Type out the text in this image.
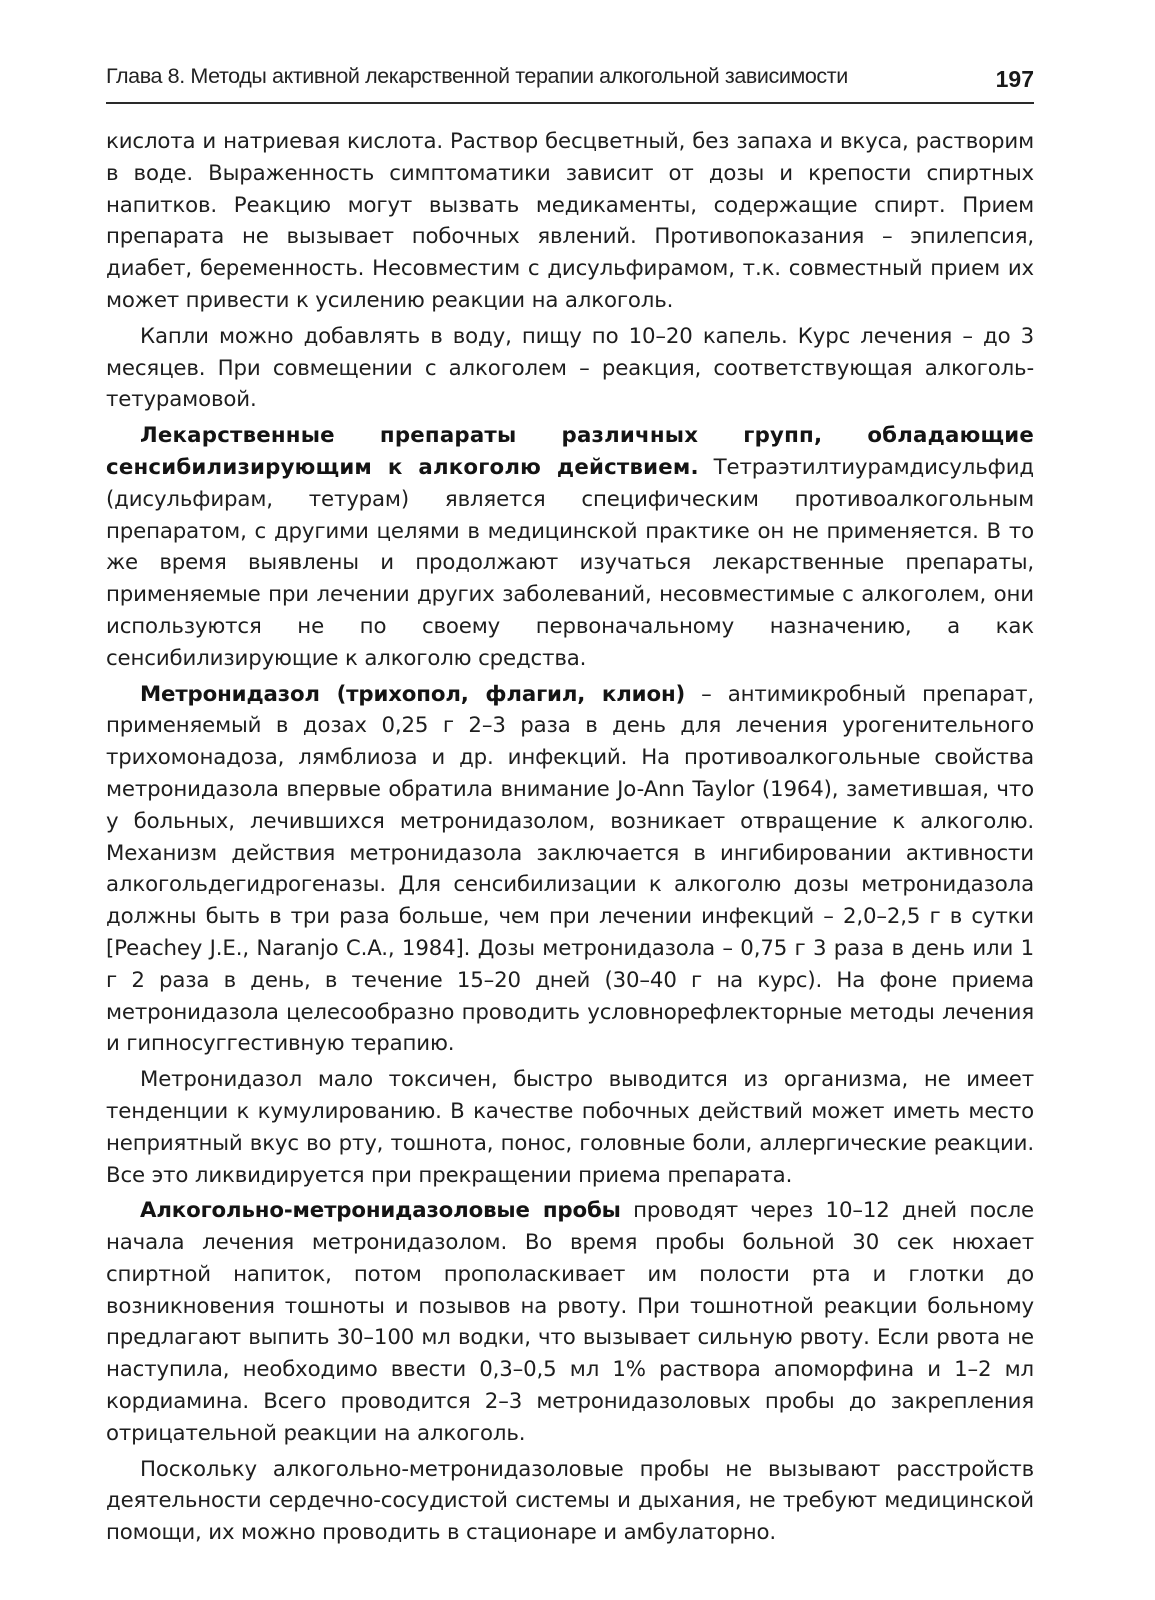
Глава 8. Методы активной лекарственной терапии алкогольной зависимости	197

кислота и натриевая кислота. Раствор бесцветный, без запаха и вкуса, растворим в воде. Выраженность симптоматики зависит от дозы и крепости спиртных напитков. Реакцию могут вызвать медикаменты, содержащие спирт. Прием препарата не вызывает побочных явлений. Противопоказания – эпилепсия, диабет, беременность. Несовместим с дисульфирамом, т.к. совместный прием их может привести к усилению реакции на алкоголь.

Капли можно добавлять в воду, пищу по 10–20 капель. Курс лечения – до 3 месяцев. При совмещении с алкоголем – реакция, соответствующая алкоголь-тетурамовой.

Лекарственные препараты различных групп, обладающие сенсибилизирующим к алкоголю действием. Тетраэтилтиурамдисульфид (дисульфирам, тетурам) является специфическим противоалкогольным препаратом, с другими целями в медицинской практике он не применяется. В то же время выявлены и продолжают изучаться лекарственные препараты, применяемые при лечении других заболеваний, несовместимые с алкоголем, они используются не по своему первоначальному назначению, а как сенсибилизирующие к алкоголю средства.

Метронидазол (трихопол, флагил, клион) – антимикробный препарат, применяемый в дозах 0,25 г 2–3 раза в день для лечения урогенительного трихомонадоза, лямблиоза и др. инфекций. На противоалкогольные свойства метронидазола впервые обратила внимание Jo-Ann Taylor (1964), заметившая, что у больных, лечившихся метронидазолом, возникает отвращение к алкоголю. Механизм действия метронидазола заключается в ингибировании активности алкогольдегидрогеназы. Для сенсибилизации к алкоголю дозы метронидазола должны быть в три раза больше, чем при лечении инфекций – 2,0–2,5 г в сутки [Peachey J.E., Naranjo C.A., 1984]. Дозы метронидазола – 0,75 г 3 раза в день или 1 г 2 раза в день, в течение 15–20 дней (30–40 г на курс). На фоне приема метронидазола целесообразно проводить условнорефлекторные методы лечения и гипносуггестивную терапию.

Метронидазол мало токсичен, быстро выводится из организма, не имеет тенденции к кумулированию. В качестве побочных действий может иметь место неприятный вкус во рту, тошнота, понос, головные боли, аллергические реакции. Все это ликвидируется при прекращении приема препарата.

Алкогольно-метронидазоловые пробы проводят через 10–12 дней после начала лечения метронидазолом. Во время пробы больной 30 сек нюхает спиртной напиток, потом прополаскивает им полости рта и глотки до возникновения тошноты и позывов на рвоту. При тошнотной реакции больному предлагают выпить 30–100 мл водки, что вызывает сильную рвоту. Если рвота не наступила, необходимо ввести 0,3–0,5 мл 1% раствора апоморфина и 1–2 мл кордиамина. Всего проводится 2–3 метронидазоловых пробы до закрепления отрицательной реакции на алкоголь.

Поскольку алкогольно-метронидазоловые пробы не вызывают расстройств деятельности сердечно-сосудистой системы и дыхания, не требуют медицинской помощи, их можно проводить в стационаре и амбулаторно.
